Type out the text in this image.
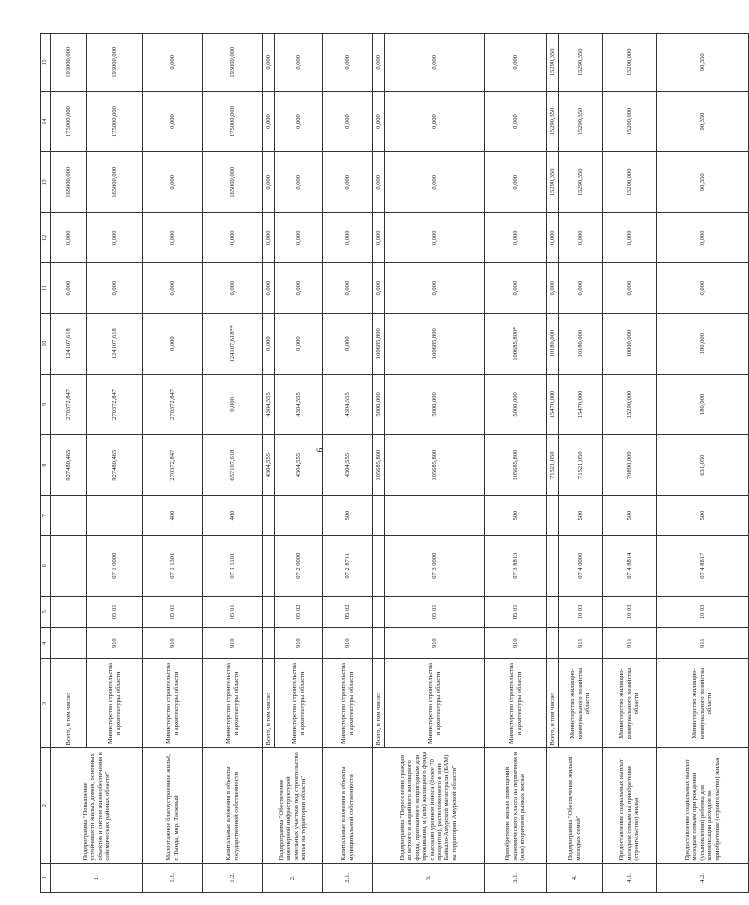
9
1	2	3	4	5	6	7	8	9	10	11	12	13	14	15
1.	Подпрограмма "Повышение устойчивости жилых домов, основных объектов и систем жизнеобеспечения в сейсмических районах области"	Всего, в том числе:					927480,465	270372,847	124107,618	0,000	0,000	165000,000	175000,000	193000,000
		Министерство строительства и архитектуры области	910	05 01	07 1 0000		927480,465	270372,847	124107,618	0,000	0,000	165000,000	175000,000	193000,000
1.1.	Малоэтажное благоустроенное жильё, г. Тында, мкр. Таежный	Министерство строительства и архитектуры области	910	05 01	07 1 1301	400	270372,847	270372,847	0,000	0,000	0,000	0,000	0,000	0,000
1.2.	Капитальные вложения в объекты государственной собственности	Министерство строительства и архитектуры области	910	05 01	07 1 1101	400	657107,618	0,000	124107,618**	0,000	0,000	165000,000	175000,000	193000,000
2.	Подпрограмма "Обеспечение инженерной инфраструктурой земельных участков под строительство жилья на территории области"	Всего, в том числе:					4304,555	4304,555	0,000	0,000	0,000	0,000	0,000	0,000
		Министерство строительства и архитектуры области	910	05 02	07 2 0000		4304,555	4304,555	0,000	0,000	0,000	0,000	0,000	0,000
2.1.	Капитальные вложения в объекты муниципальной собственности	Министерство строительства и архитектуры области	910	05 02	07 2 8711	500	4304,555	4304,555	0,000	0,000	0,000	0,000	0,000	0,000
3.	Подпрограмма "Переселение граждан из ветхого и аварийного жилищного фонда, признанного непригодным для проживания, и (или) жилищного фонда с высоким уровнем износа (более 70 процентов), расположенного в зоне Байкало-Амурской магистрали (БАМ) на территории Амурской области"	Всего, в том числе:					105685,800	5000,000	100685,800	0,000	0,000	0,000	0,000	0,000
		Министерство строительства и архитектуры области	910	05 01	07 3 0000		105685,800	5000,000	100685,800	0,000	0,000	0,000	0,000	0,000
3.1.	Приобретение жилых помещений экономического класса на первичном и (или) вторичном рынках жилья	Министерство строительства и архитектуры области	910	05 01	07 3 8813	500	105685,800	5000,000	100685,800*	0,000	0,000	0,000	0,000	0,000
4.	Подпрограмма "Обеспечение жильем молодых семей"	Всего, в том числе:					71521,050	15470,000	10180,000	0,000	0,000	15290,350	15290,350	15290,350
		Министерство жилищно-коммунального хозяйства области	911	10 03	07 4 0000	500	71521,050	15470,000	10180,000	0,000	0,000	15290,350	15290,350	15290,350
4.1.	Предоставление социальных выплат молодым семьям на приобретение (строительство) жилья	Министерство жилищно-коммунального хозяйства области	911	10 03	07 4 8814	500	70890,000	15290,000	10000,000	0,000	0,000	15200,000	15200,000	15200,000
4.2.	Предоставление социальных выплат молодым семьям при рождении (усыновлении) ребенка для компенсации расходов на приобретение (строительство) жилья	Министерство жилищно-коммунального хозяйства области	911	10 03	07 4 8817	500	631,050	180,000	180,000	0,000	0,000	90,350	90,350	90,350
